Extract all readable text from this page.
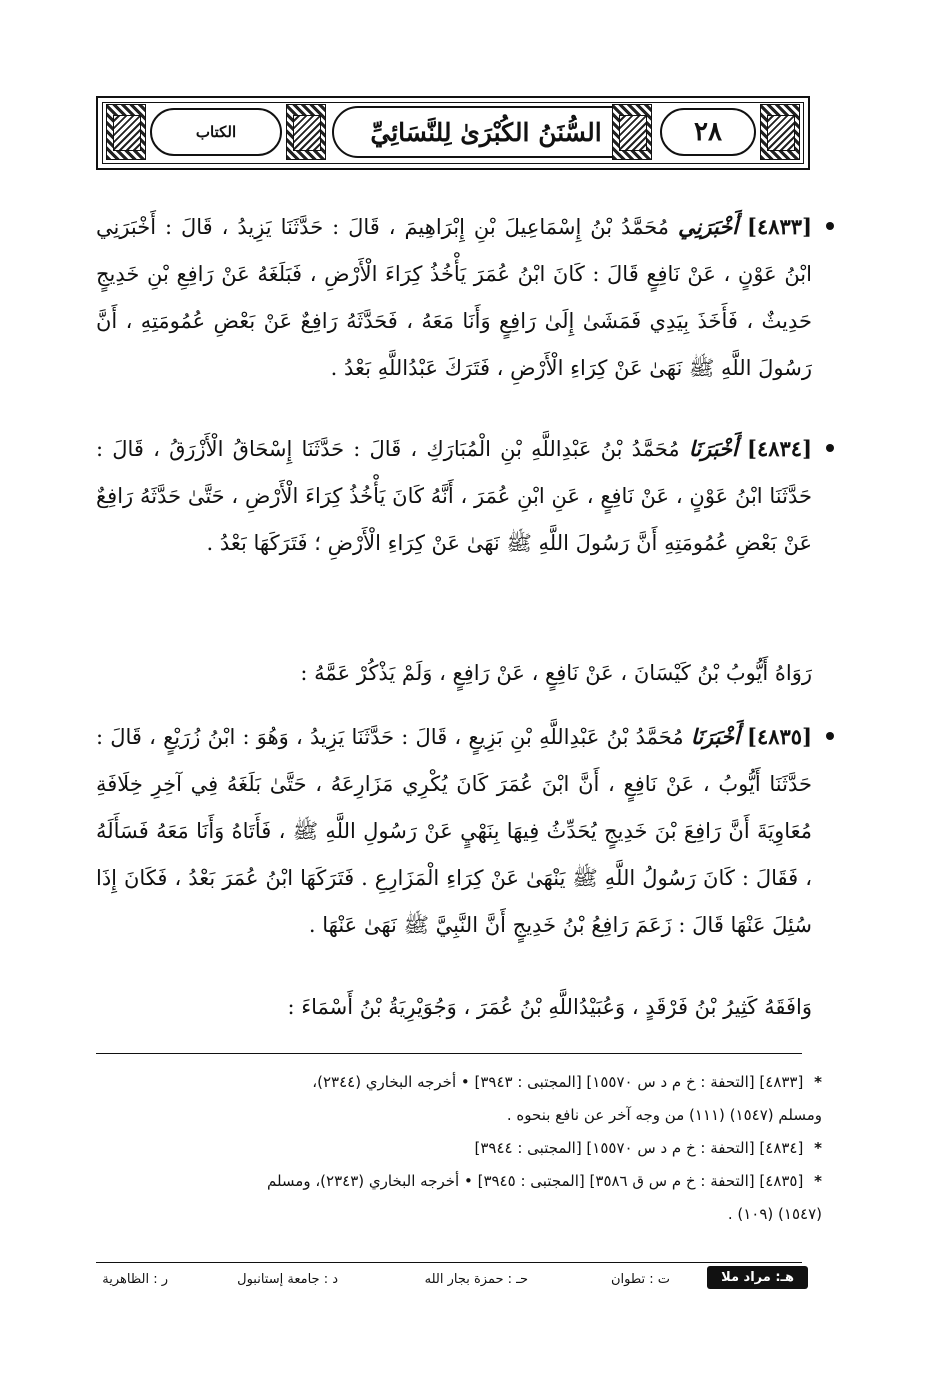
الكتاب	السُّنَنُ الكُبْرَىٰ لِلنَّسَائِيِّ	٢٨

[٤٨٣٣] أَخْبَرَنِي مُحَمَّدُ بْنُ إِسْمَاعِيلَ بْنِ إِبْرَاهِيمَ ، قَالَ : حَدَّثَنَا يَزِيدُ ، قَالَ : أَخْبَرَنِي ابْنُ عَوْنٍ ، عَنْ نَافِعٍ قَالَ : كَانَ ابْنُ عُمَرَ يَأْخُذُ كِرَاءَ الْأَرْضِ ، فَبَلَغَهُ عَنْ رَافِعِ بْنِ خَدِيجٍ حَدِيثٌ ، فَأَخَذَ بِيَدِي فَمَشَىٰ إِلَىٰ رَافِعٍ وَأَنَا مَعَهُ ، فَحَدَّثَهُ رَافِعٌ عَنْ بَعْضِ عُمُومَتِهِ ، أَنَّ رَسُولَ اللَّهِ ﷺ نَهَىٰ عَنْ كِرَاءِ الْأَرْضِ ، فَتَرَكَ عَبْدُاللَّهِ بَعْدُ .

[٤٨٣٤] أَخْبَرَنَا مُحَمَّدُ بْنُ عَبْدِاللَّهِ بْنِ الْمُبَارَكِ ، قَالَ : حَدَّثَنَا إِسْحَاقُ الْأَزْرَقُ ، قَالَ : حَدَّثَنَا ابْنُ عَوْنٍ ، عَنْ نَافِعٍ ، عَنِ ابْنِ عُمَرَ ، أَنَّهُ كَانَ يَأْخُذُ كِرَاءَ الْأَرْضِ ، حَتَّىٰ حَدَّثَهُ رَافِعٌ عَنْ بَعْضِ عُمُومَتِهِ أَنَّ رَسُولَ اللَّهِ ﷺ نَهَىٰ عَنْ كِرَاءِ الْأَرْضِ ؛ فَتَرَكَهَا بَعْدُ .

رَوَاهُ أَيُّوبُ بْنُ كَيْسَانَ ، عَنْ نَافِعٍ ، عَنْ رَافِعٍ ، وَلَمْ يَذْكُرْ عَمَّهُ :

[٤٨٣٥] أَخْبَرَنَا مُحَمَّدُ بْنُ عَبْدِاللَّهِ بْنِ بَزِيعٍ ، قَالَ : حَدَّثَنَا يَزِيدُ ، وَهُوَ : ابْنُ زُرَيْعٍ ، قَالَ : حَدَّثَنَا أَيُّوبُ ، عَنْ نَافِعٍ ، أَنَّ ابْنَ عُمَرَ كَانَ يُكْرِي مَزَارِعَهُ ، حَتَّىٰ بَلَغَهُ فِي آخِرِ خِلَافَةِ مُعَاوِيَةَ أَنَّ رَافِعَ بْنَ خَدِيجٍ يُحَدِّثُ فِيهَا بِنَهْيٍ عَنْ رَسُولِ اللَّهِ ﷺ ، فَأَتَاهُ وَأَنَا مَعَهُ فَسَأَلَهُ ، فَقَالَ : كَانَ رَسُولُ اللَّهِ ﷺ يَنْهَىٰ عَنْ كِرَاءِ الْمَزَارِعِ . فَتَرَكَهَا ابْنُ عُمَرَ بَعْدُ ، فَكَانَ إِذَا سُئِلَ عَنْهَا قَالَ : زَعَمَ رَافِعُ بْنُ خَدِيجٍ أَنَّ النَّبِيَّ ﷺ نَهَىٰ عَنْهَا .

وَافَقَهُ كَثِيرُ بْنُ فَرْقَدٍ ، وَعُبَيْدُاللَّهِ بْنُ عُمَرَ ، وَجُوَيْرِيَةُ بْنُ أَسْمَاءَ :

* [٤٨٣٣] [التحفة : خ م د س ١٥٥٧٠] [المجتبى : ٣٩٤٣] • أخرجه البخاري (٢٣٤٤)،
ومسلم (١٥٤٧) (١١١) من وجه آخر عن نافع بنحوه .

* [٤٨٣٤] [التحفة : خ م د س ١٥٥٧٠] [المجتبى : ٣٩٤٤]

* [٤٨٣٥] [التحفة : خ م س ق ٣٥٨٦] [المجتبى : ٣٩٤٥] • أخرجه البخاري (٢٣٤٣)، ومسلم
(١٥٤٧) (١٠٩) .

هـ: مراد ملا
ت : تطوان
حـ : حمزة بجار الله
د : جامعة إستانبول
ر : الظاهرية
